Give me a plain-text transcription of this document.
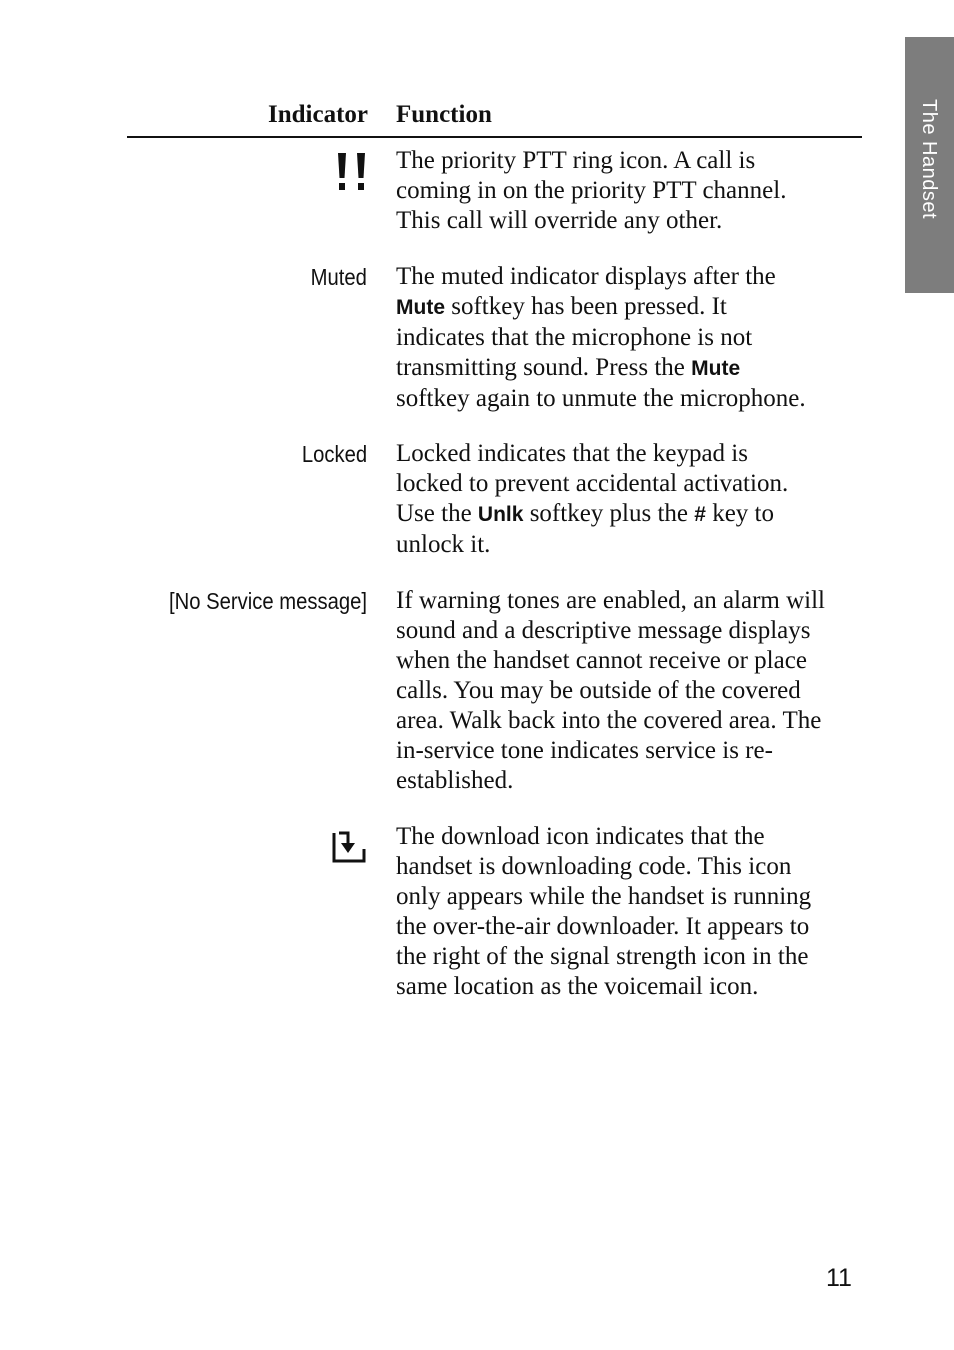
The Handset
Indicator Function
The priority PTT ring icon. A call is
coming in on the priority PTT channel.
This call will override any other.
Muted The muted indicator displays after the
Mute softkey has been pressed. It
indicates that the microphone is not
transmitting sound. Press the Mute
softkey again to unmute the microphone.
Locked Locked indicates that the keypad is
locked to prevent accidental activation.
Use the Unlk softkey plus the # key to
unlock it.
[No Service message] If warning tones are enabled, an alarm will
sound and a descriptive message displays
when the handset cannot receive or place
calls. You may be outside of the covered
area. Walk back into the covered area. The
in-service tone indicates service is re-
established.
The download icon indicates that the
handset is downloading code. This icon
only appears while the handset is running
the over-the-air downloader. It appears to
the right of the signal strength icon in the
same location as the voicemail icon.
11
